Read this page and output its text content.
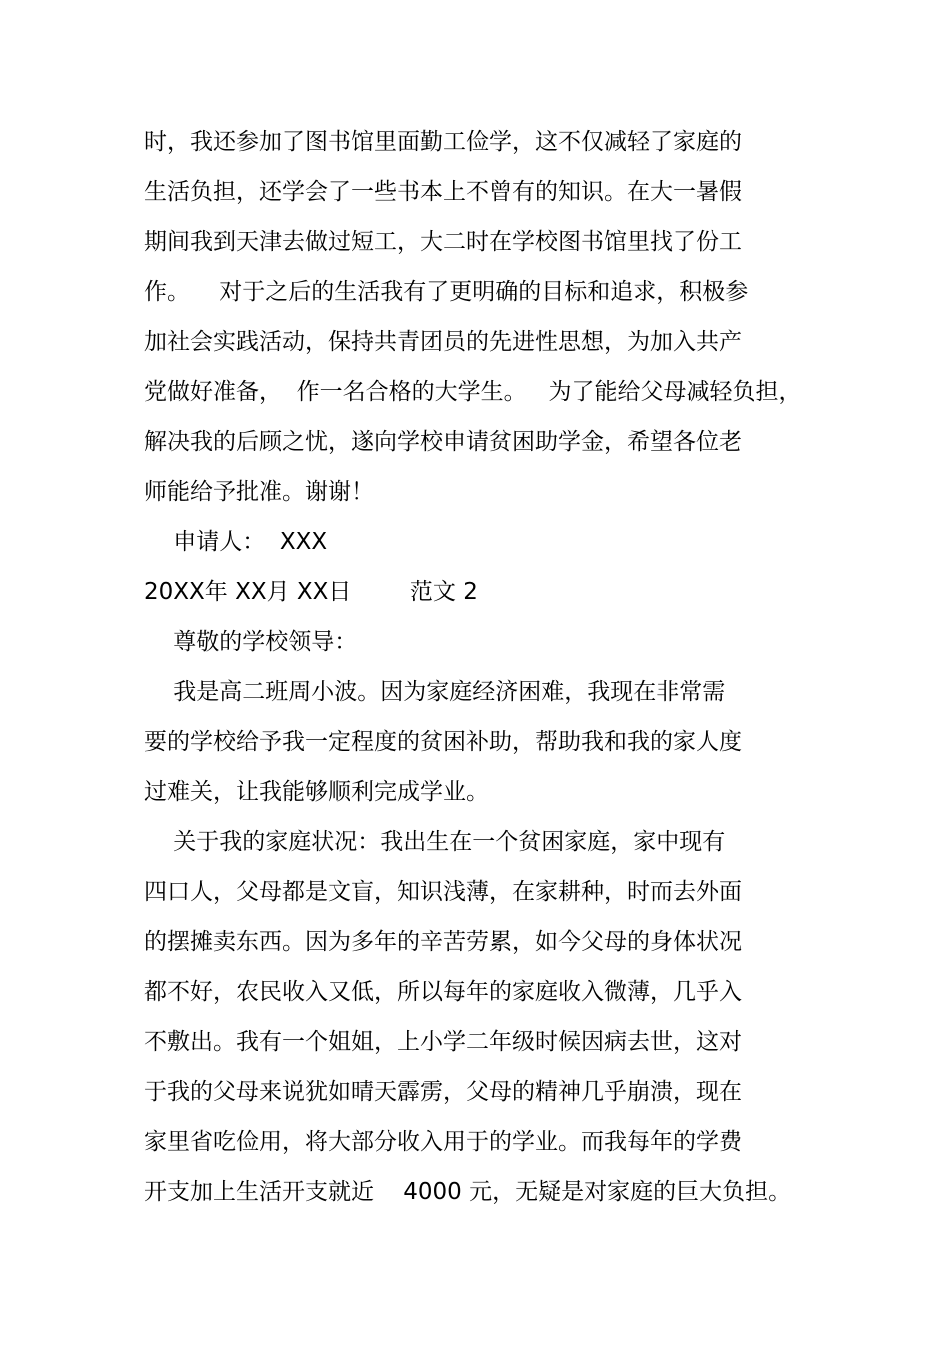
时，我还参加了图书馆里面勤工俭学，这不仅减轻了家庭的
生活负担，还学会了一些书本上不曾有的知识。在大一暑假
期间我到天津去做过短工，大二时在学校图书馆里找了份工
作。    对于之后的生活我有了更明确的目标和追求，积极参
加社会实践活动，保持共青团员的先进性思想，为加入共产
党做好准备，  作一名合格的大学生。   为了能给父母减轻负担，
解决我的后顾之忧，遂向学校申请贫困助学金，希望各位老
师能给予批准。谢谢！
申请人：  XXX
20XX年 XX月 XX日        范文 2
尊敬的学校领导：
我是高二班周小波。因为家庭经济困难，我现在非常需
要的学校给予我一定程度的贫困补助，帮助我和我的家人度
过难关，让我能够顺利完成学业。
关于我的家庭状况：我出生在一个贫困家庭，家中现有
四口人，父母都是文盲，知识浅薄，在家耕种，时而去外面
的摆摊卖东西。因为多年的辛苦劳累，如今父母的身体状况
都不好，农民收入又低，所以每年的家庭收入微薄，几乎入
不敷出。我有一个姐姐，上小学二年级时候因病去世，这对
于我的父母来说犹如晴天霹雳，父母的精神几乎崩溃，现在
家里省吃俭用，将大部分收入用于的学业。而我每年的学费
开支加上生活开支就近    4000 元，无疑是对家庭的巨大负担。
